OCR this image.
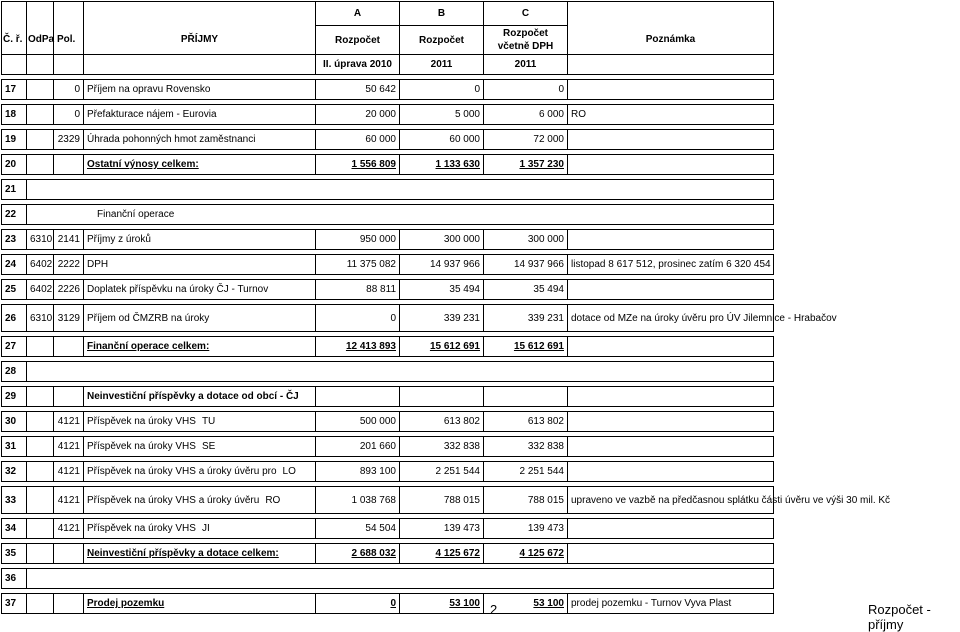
				A	B	C	
Č. ř.	OdPa	Pol.	PŘÍJMY	Rozpočet	Rozpočet	Rozpočet včetně DPH	Poznámka
				II. úprava 2010	2011	2011	

17		0	Příjem na opravu Rovensko	50 642	0	0	

18		0	Přefakturace nájem - Eurovia	20 000	5 000	6 000	RO

19		2329	Úhrada pohonných hmot zaměstnanci	60 000	60 000	72 000	

20			Ostatní výnosy celkem:	1 556 809	1 133 630	1 357 230	

21							

22	Finanční operace						

23	6310	2141	Příjmy z úroků	950 000	300 000	300 000	

24	6402	2222	DPH	11 375 082	14 937 966	14 937 966	listopad 8 617 512, prosinec zatím 6 320 454

25	6402	2226	Doplatek příspěvku na úroky ČJ - Turnov	88 811	35 494	35 494	

26	6310	3129	Příjem od ČMZRB na úroky	0	339 231	339 231	dotace od MZe na úroky úvěru pro ÚV Jilemnice - Hrabačov

27			Finanční operace celkem:	12 413 893	15 612 691	15 612 691	

28							

29			Neinvestiční příspěvky a dotace od obcí - ČJ				

30		4121	Příspěvek na úroky VHS TU	500 000	613 802	613 802	

31		4121	Příspěvek na úroky VHS SE	201 660	332 838	332 838	

32		4121	Příspěvek na úroky VHS a úroky úvěru pro LO	893 100	2 251 544	2 251 544	

33		4121	Příspěvek na úroky VHS a úroky úvěru RO	1 038 768	788 015	788 015	upraveno ve vazbě na předčasnou splátku části úvěru ve výši 30 mil. Kč

34		4121	Příspěvek na úroky VHS JI	54 504	139 473	139 473	

35			Neinvestiční příspěvky a dotace celkem:	2 688 032	4 125 672	4 125 672	

36							

37			Prodej pozemku	0	53 100	53 100	prodej pozemku - Turnov Vyva Plast
2	Rozpočet - příjmy
